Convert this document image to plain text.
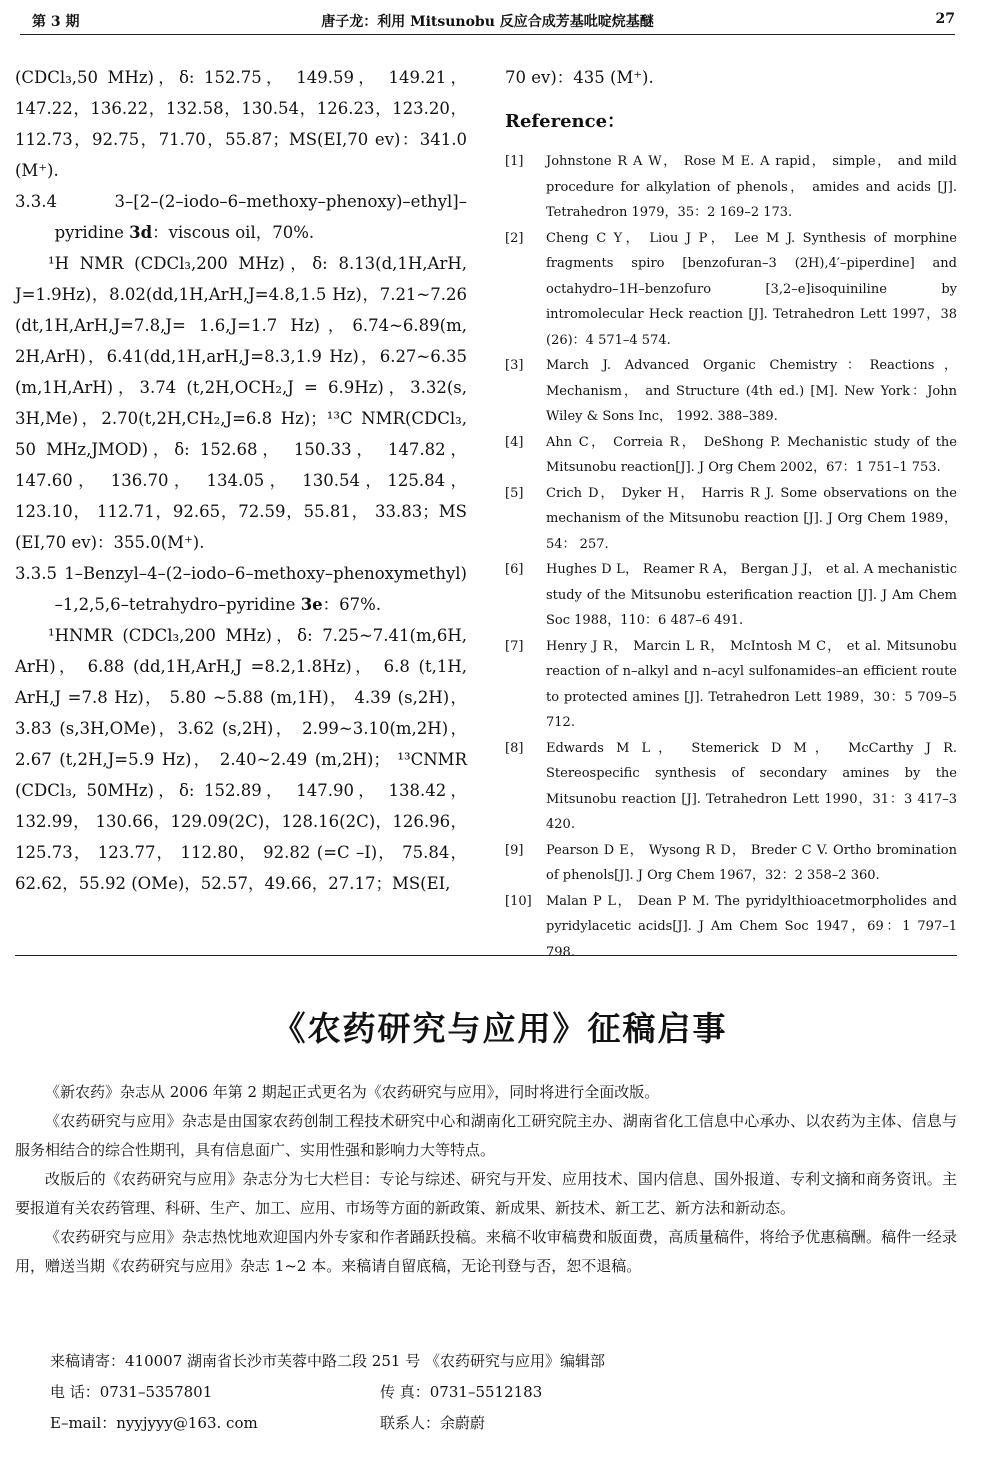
第 3 期	唐子龙：利用 Mitsunobu 反应合成芳基吡啶烷基醚	27

(CDCl₃,50 MHz)，δ: 152.75， 149.59， 149.21， 147.22，136.22，132.58，130.54，126.23，123.20， 112.73，92.75，71.70，55.87；MS(EI,70 ev)：341.0 (M⁺).

3.3.4 3–[2–(2–iodo–6–methoxy–phenoxy)–ethyl]– pyridine 3d：viscous oil，70%.

¹H NMR (CDCl₃,200 MHz)，δ: 8.13(d,1H,ArH, J=1.9Hz)，8.02(dd,1H,ArH,J=4.8,1.5 Hz)，7.21~7.26 (dt,1H,ArH,J=7.8,J= 1.6,J=1.7 Hz)，6.74~6.89(m, 2H,ArH)，6.41(dd,1H,arH,J=8.3,1.9 Hz)，6.27~6.35 (m,1H,ArH)，3.74 (t,2H,OCH₂,J = 6.9Hz)，3.32(s, 3H,Me)，2.70(t,2H,CH₂,J=6.8 Hz)；¹³C NMR(CDCl₃, 50 MHz,JMOD)，δ: 152.68， 150.33， 147.82， 147.60， 136.70， 134.05， 130.54，125.84， 123.10， 112.71，92.65，72.59，55.81， 33.83；MS (EI,70 ev)：355.0(M⁺).

3.3.5 1–Benzyl–4–(2–iodo–6–methoxy–phenoxymethyl) –1,2,5,6–tetrahydro–pyridine 3e：67%.

¹HNMR (CDCl₃,200 MHz)，δ: 7.25~7.41(m,6H, ArH)， 6.88 (dd,1H,ArH,J =8.2,1.8Hz)， 6.8 (t,1H, ArH,J =7.8 Hz)， 5.80 ~5.88 (m,1H)， 4.39 (s,2H)， 3.83 (s,3H,OMe)，3.62 (s,2H)， 2.99~3.10(m,2H)， 2.67 (t,2H,J=5.9 Hz)， 2.40~2.49 (m,2H)； ¹³CNMR (CDCl₃, 50MHz)，δ: 152.89， 147.90， 138.42， 132.99， 130.66，129.09(2C)，128.16(2C)，126.96， 125.73， 123.77， 112.80， 92.82 (=C –I)， 75.84， 62.62，55.92 (OMe)，52.57，49.66，27.17；MS(EI,

70 ev)：435 (M⁺).

Reference：
[1] Johnstone R A W， Rose M E. A rapid， simple， and mild procedure for alkylation of phenols， amides and acids [J]. Tetrahedron 1979，35：2 169–2 173.
[2] Cheng C Y， Liou J P， Lee M J. Synthesis of morphine fragments spiro [benzofuran–3 (2H),4′–piperdine] and octahydro–1H–benzofuro [3,2–e]isoquiniline by intromolecular Heck reaction [J]. Tetrahedron Lett 1997，38 (26)：4 571–4 574.
[3] March J. Advanced Organic Chemistry：Reactions，Mechanism， and Structure (4th ed.) [M]. New York：John Wiley & Sons Inc， 1992. 388–389.
[4] Ahn C， Correia R， DeShong P. Mechanistic study of the Mitsunobu reaction[J]. J Org Chem 2002，67：1 751–1 753.
[5] Crich D， Dyker H， Harris R J. Some observations on the mechanism of the Mitsunobu reaction [J]. J Org Chem 1989，54： 257.
[6] Hughes D L， Reamer R A， Bergan J J， et al. A mechanistic study of the Mitsunobu esterification reaction [J]. J Am Chem Soc 1988，110：6 487–6 491.
[7] Henry J R， Marcin L R， McIntosh M C， et al. Mitsunobu reaction of n–alkyl and n–acyl sulfonamides–an efficient route to protected amines [J]. Tetrahedron Lett 1989，30：5 709–5 712.
[8] Edwards M L， Stemerick D M， McCarthy J R. Stereospecific synthesis of secondary amines by the Mitsunobu reaction [J]. Tetrahedron Lett 1990，31：3 417–3 420.
[9] Pearson D E， Wysong R D， Breder C V. Ortho bromination of phenols[J]. J Org Chem 1967，32：2 358–2 360.
[10] Malan P L， Dean P M. The pyridylthioacetmorpholides and pyridylacetic acids[J]. J Am Chem Soc 1947，69：1 797–1 798.
《农药研究与应用》征稿启事

《新农药》杂志从 2006 年第 2 期起正式更名为《农药研究与应用》，同时将进行全面改版。

《农药研究与应用》杂志是由国家农药创制工程技术研究中心和湖南化工研究院主办、湖南省化工信息中心承办、以农药为主体、信息与服务相结合的综合性期刊，具有信息面广、实用性强和影响力大等特点。

改版后的《农药研究与应用》杂志分为七大栏目：专论与综述、研究与开发、应用技术、国内信息、国外报道、专利文摘和商务资讯。主要报道有关农药管理、科研、生产、加工、应用、市场等方面的新政策、新成果、新技术、新工艺、新方法和新动态。

《农药研究与应用》杂志热忱地欢迎国内外专家和作者踊跃投稿。来稿不收审稿费和版面费，高质量稿件，将给予优惠稿酬。稿件一经录用，赠送当期《农药研究与应用》杂志 1~2 本。来稿请自留底稿，无论刊登与否，恕不退稿。

来稿请寄：410007 湖南省长沙市芙蓉中路二段 251 号 《农药研究与应用》编辑部
电 话：0731–5357801	传 真：0731–5512183
E–mail：nyyjyyy@163. com	联系人：余蔚蔚
